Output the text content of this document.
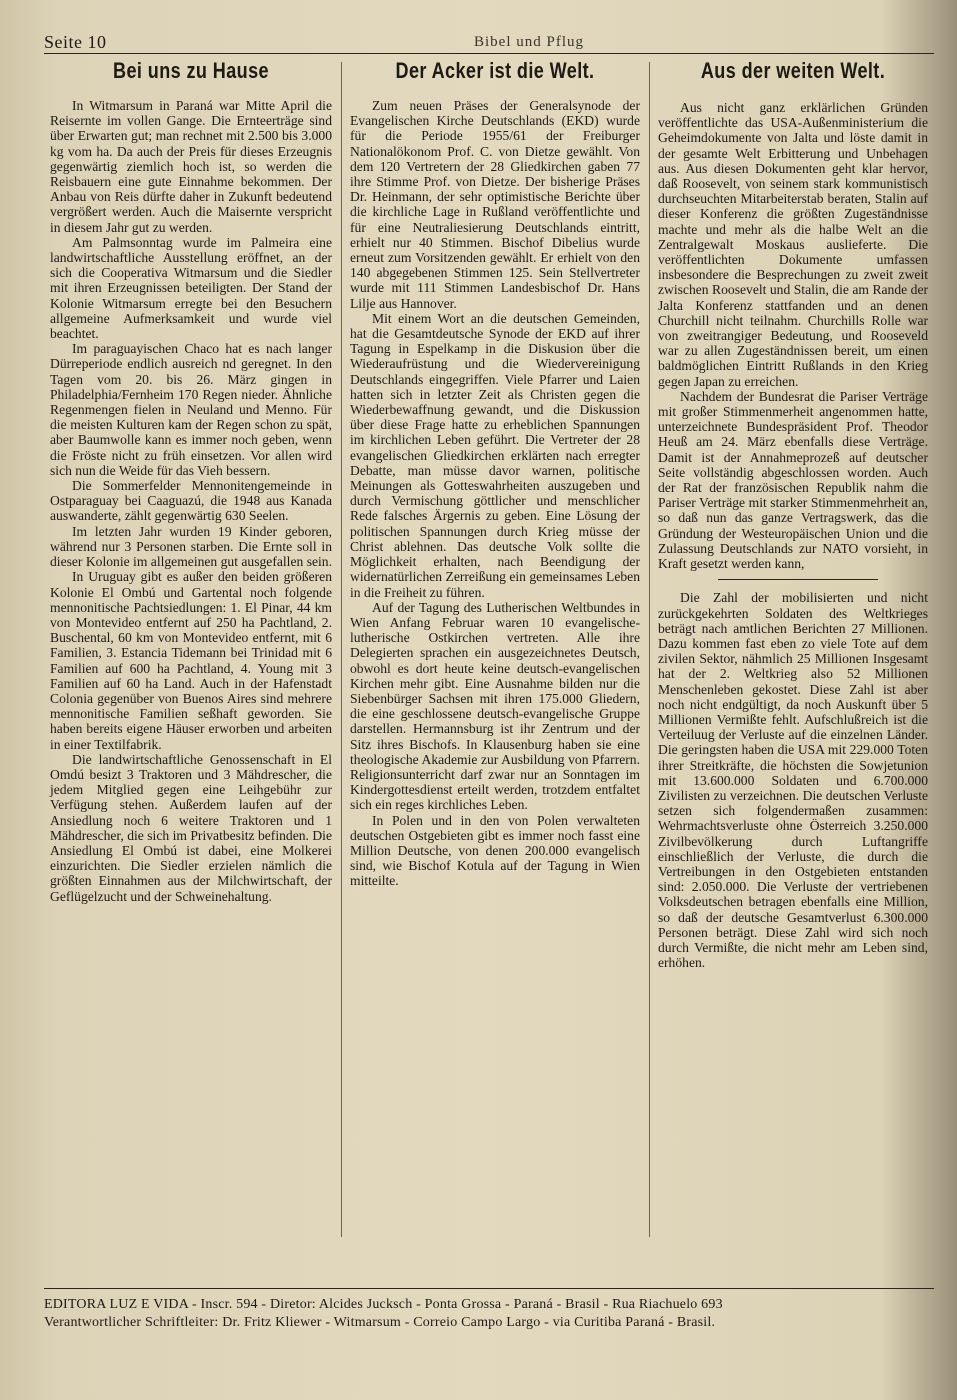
Seite 10	Bibel und Pflug
Bei uns zu Hause

In Witmarsum in Paraná war Mitte April die Reisernte im vollen Gange. Die Ernteerträge sind über Erwarten gut; man rechnet mit 2.500 bis 3.000 kg vom ha. Da auch der Preis für dieses Erzeugnis gegenwärtig ziemlich hoch ist, so werden die Reisbauern eine gute Einnahme bekommen. Der Anbau von Reis dürfte daher in Zukunft bedeutend vergrößert werden. Auch die Maisernte verspricht in diesem Jahr gut zu werden.

Am Palmsonntag wurde im Palmeira eine landwirtschaftliche Ausstellung eröffnet, an der sich die Cooperativa Witmarsum und die Siedler mit ihren Erzeugnissen beteiligten. Der Stand der Kolonie Witmarsum erregte bei den Besuchern allgemeine Aufmerksamkeit und wurde viel beachtet.

Im paraguayischen Chaco hat es nach langer Dürreperiode endlich ausreich nd geregnet. In den Tagen vom 20. bis 26. März gingen in Philadelphia/Fernheim 170 Regen nieder. Ähnliche Regenmengen fielen in Neuland und Menno. Für die meisten Kulturen kam der Regen schon zu spät, aber Baumwolle kann es immer noch geben, wenn die Fröste nicht zu früh einsetzen. Vor allen wird sich nun die Weide für das Vieh bessern.

Die Sommerfelder Mennonitengemeinde in Ostparaguay bei Caaguazú, die 1948 aus Kanada auswanderte, zählt gegenwärtig 630 Seelen.

Im letzten Jahr wurden 19 Kinder geboren, während nur 3 Personen starben. Die Ernte soll in dieser Kolonie im allgemeinen gut ausgefallen sein.

In Uruguay gibt es außer den beiden größeren Kolonie El Ombú und Gartental noch folgende mennonitische Pachtsiedlungen: 1. El Pinar, 44 km von Montevideo entfernt auf 250 ha Pachtland, 2. Buschental, 60 km von Montevideo entfernt, mit 6 Familien, 3. Estancia Tidemann bei Trinidad mit 6 Familien auf 600 ha Pachtland, 4. Young mit 3 Familien auf 60 ha Land. Auch in der Hafenstadt Colonia gegenüber von Buenos Aires sind mehrere mennonitische Familien seßhaft geworden. Sie haben bereits eigene Häuser erworben und arbeiten in einer Textilfabrik.

Die landwirtschaftliche Genossenschaft in El Omdú besizt 3 Traktoren und 3 Mähdrescher, die jedem Mitglied gegen eine Leihgebühr zur Verfügung stehen. Außerdem laufen auf der Ansiedlung noch 6 weitere Traktoren und 1 Mähdrescher, die sich im Privatbesitz befinden. Die Ansiedlung El Ombú ist dabei, eine Molkerei einzurichten. Die Siedler erzielen nämlich die größten Einnahmen aus der Milchwirtschaft, der Geflügelzucht und der Schweinehaltung.

Der Acker ist die Welt.

Zum neuen Präses der Generalsynode der Evangelischen Kirche Deutschlands (EKD) wurde für die Periode 1955/61 der Freiburger Nationalökonom Prof. C. von Dietze gewählt. Von dem 120 Vertretern der 28 Gliedkirchen gaben 77 ihre Stimme Prof. von Dietze. Der bisherige Präses Dr. Heinmann, der sehr optimistische Berichte über die kirchliche Lage in Rußland veröffentlichte und für eine Neutraliesierung Deutschlands eintritt, erhielt nur 40 Stimmen. Bischof Dibelius wurde erneut zum Vorsitzenden gewählt. Er erhielt von den 140 abgegebenen Stimmen 125. Sein Stellvertreter wurde mit 111 Stimmen Landesbischof Dr. Hans Lilje aus Hannover.

Mit einem Wort an die deutschen Gemeinden, hat die Gesamtdeutsche Synode der EKD auf ihrer Tagung in Espelkamp in die Diskusion über die Wiederaufrüstung und die Wiedervereinigung Deutschlands eingegriffen. Viele Pfarrer und Laien hatten sich in letzter Zeit als Christen gegen die Wiederbewaffnung gewandt, und die Diskussion über diese Frage hatte zu erheblichen Spannungen im kirchlichen Leben geführt. Die Vertreter der 28 evangelischen Gliedkirchen erklärten nach erregter Debatte, man müsse davor warnen, politische Meinungen als Gotteswahrheiten auszugeben und durch Vermischung göttlicher und menschlicher Rede falsches Ärgernis zu geben. Eine Lösung der politischen Spannungen durch Krieg müsse der Christ ablehnen. Das deutsche Volk sollte die Möglichkeit erhalten, nach Beendigung der widernatürlichen Zerreißung ein gemeinsames Leben in die Freiheit zu führen.

Auf der Tagung des Lutherischen Weltbundes in Wien Anfang Februar waren 10 evangelische-lutherische Ostkirchen vertreten. Alle ihre Delegierten sprachen ein ausgezeichnetes Deutsch, obwohl es dort heute keine deutsch-evangelischen Kirchen mehr gibt. Eine Ausnahme bilden nur die Siebenbürger Sachsen mit ihren 175.000 Gliedern, die eine geschlossene deutsch-evangelische Gruppe darstellen. Hermannsburg ist ihr Zentrum und der Sitz ihres Bischofs. In Klausenburg haben sie eine theologische Akademie zur Ausbildung von Pfarrern. Religionsunterricht darf zwar nur an Sonntagen im Kindergottesdienst erteilt werden, trotzdem entfaltet sich ein reges kirchliches Leben.

In Polen und in den von Polen verwalteten deutschen Ostgebieten gibt es immer noch fasst eine Million Deutsche, von denen 200.000 evangelisch sind, wie Bischof Kotula auf der Tagung in Wien mitteilte.

Aus der weiten Welt.

Aus nicht ganz erklärlichen Gründen veröffentlichte das USA-Außenministerium die Geheimdokumente von Jalta und löste damit in der gesamte Welt Erbitterung und Unbehagen aus. Aus diesen Dokumenten geht klar hervor, daß Roosevelt, von seinem stark kommunistisch durchseuchten Mitarbeiterstab beraten, Stalin auf dieser Konferenz die größten Zugeständnisse machte und mehr als die halbe Welt an die Zentralgewalt Moskaus auslieferte. Die veröffentlichten Dokumente umfassen insbesondere die Besprechungen zu zweit zweit zwischen Roosevelt und Stalin, die am Rande der Jalta Konferenz stattfanden und an denen Churchill nicht teilnahm. Churchills Rolle war von zweitrangiger Bedeutung, und Rooseveld war zu allen Zugeständnissen bereit, um einen baldmöglichen Eintritt Rußlands in den Krieg gegen Japan zu erreichen.

Nachdem der Bundesrat die Pariser Verträge mit großer Stimmenmerheit angenommen hatte, unterzeichnete Bundespräsident Prof. Theodor Heuß am 24. März ebenfalls diese Verträge. Damit ist der Annahmeprozeß auf deutscher Seite vollständig abgeschlossen worden. Auch der Rat der französischen Republik nahm die Pariser Verträge mit starker Stimmenmehrheit an, so daß nun das ganze Vertragswerk, das die Gründung der Westeuropäischen Union und die Zulassung Deutschlands zur NATO vorsieht, in Kraft gesetzt werden kann,

Die Zahl der mobilisierten und nicht zurückgekehrten Soldaten des Weltkrieges beträgt nach amtlichen Berichten 27 Millionen. Dazu kommen fast eben zo viele Tote auf dem zivilen Sektor, nähmlich 25 Millionen Insgesamt hat der 2. Weltkrieg also 52 Millionen Menschenleben gekostet. Diese Zahl ist aber noch nicht endgültigt, da noch Auskunft über 5 Millionen Vermißte fehlt. Aufschlußreich ist die Verteiluug der Verluste auf die einzelnen Länder. Die geringsten haben die USA mit 229.000 Toten ihrer Streitkräfte, die höchsten die Sowjetunion mit 13.600.000 Soldaten und 6.700.000 Zivilisten zu verzeichnen. Die deutschen Verluste setzen sich folgendermaßen zusammen: Wehrmachtsverluste ohne Österreich 3.250.000 Zivilbevölkerung durch Luftangriffe einschließlich der Verluste, die durch die Vertreibungen in den Ostgebieten entstanden sind: 2.050.000. Die Verluste der vertriebenen Volksdeutschen betragen ebenfalls eine Million, so daß der deutsche Gesamtverlust 6.300.000 Personen beträgt. Diese Zahl wird sich noch durch Vermißte, die nicht mehr am Leben sind, erhöhen.

EDITORA LUZ E VIDA - Inscr. 594 - Diretor: Alcides Jucksch - Ponta Grossa - Paraná - Brasil - Rua Riachuelo 693
Verantwortlicher Schriftleiter: Dr. Fritz Kliewer - Witmarsum - Correio Campo Largo - via Curitiba Paraná - Brasil.
